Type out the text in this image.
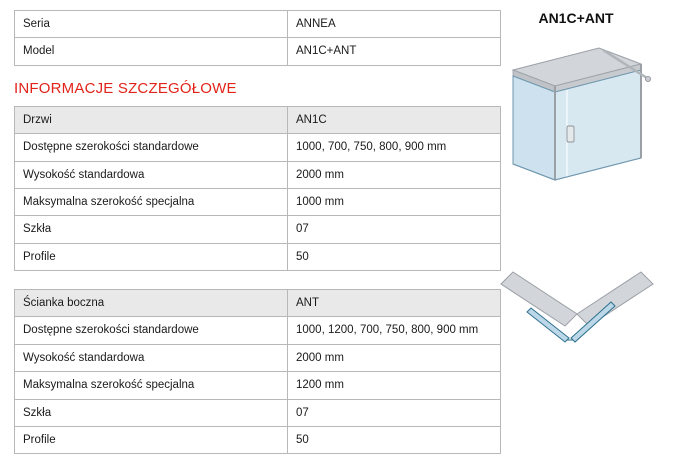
Seria	ANNEA
Model	AN1C+ANT
INFORMACJE SZCZEGÓŁOWE
Drzwi	AN1C
Dostępne szerokości standardowe	1000, 700, 750, 800, 900 mm
Wysokość standardowa	2000 mm
Maksymalna szerokość specjalna	1000 mm
Szkła	07
Profile	50
Ścianka boczna	ANT
Dostępne szerokości standardowe	1000, 1200, 700, 750, 800, 900 mm
Wysokość standardowa	2000 mm
Maksymalna szerokość specjalna	1200 mm
Szkła	07
Profile	50
AN1C+ANT
